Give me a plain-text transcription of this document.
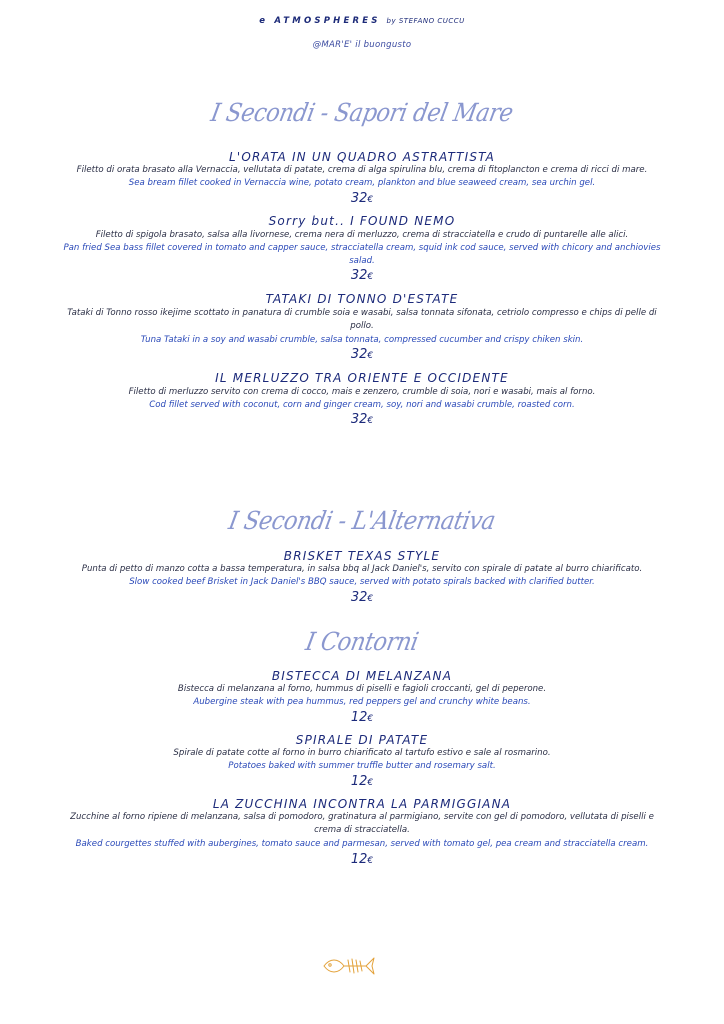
e ATMOSPHERES by STEFANO CUCCU
@MAR'E' il buongusto
I Secondi - Sapori del Mare
L'ORATA IN UN QUADRO ASTRATTISTA
Filetto di orata brasato alla Vernaccia, vellutata di patate, crema di alga spirulina blu, crema di fitoplancton e crema di ricci di mare.
Sea bream fillet cooked in Vernaccia wine, potato cream, plankton and blue seaweed cream, sea urchin gel.
32€
Sorry but.. I FOUND NEMO
Filetto di spigola brasato, salsa alla livornese, crema nera di merluzzo, crema di stracciatella e crudo di puntarelle alle alici.
Pan fried Sea bass fillet covered in tomato and capper sauce, stracciatella cream, squid ink cod sauce, served with chicory and anchiovies salad.
32€
TATAKI DI TONNO D'ESTATE
Tataki di Tonno rosso ikejime scottato in panatura di crumble soia e wasabi, salsa tonnata sifonata, cetriolo compresso e chips di pelle di pollo.
Tuna Tataki in a soy and wasabi crumble, salsa tonnata, compressed cucumber and crispy chiken skin.
32€
IL MERLUZZO TRA ORIENTE E OCCIDENTE
Filetto di merluzzo servito con crema di cocco, mais e zenzero, crumble di soia, nori e wasabi, mais al forno.
Cod fillet served with coconut, corn and ginger cream, soy, nori and wasabi crumble, roasted corn.
32€
I Secondi - L'Alternativa
BRISKET TEXAS STYLE
Punta di petto di manzo cotta a bassa temperatura, in salsa bbq al Jack Daniel's, servito con spirale di patate al burro chiarificato.
Slow cooked beef Brisket in Jack Daniel's BBQ sauce, served with potato spirals backed with clarified butter.
32€
I Contorni
BISTECCA DI MELANZANA
Bistecca di melanzana al forno, hummus di piselli e fagioli croccanti, gel di peperone.
Aubergine steak with pea hummus, red peppers gel and crunchy white beans.
12€
SPIRALE DI PATATE
Spirale di patate cotte al forno in burro chiarificato al tartufo estivo e sale al rosmarino.
Potatoes baked with summer truffle butter and rosemary salt.
12€
LA ZUCCHINA INCONTRA LA PARMIGGIANA
Zucchine al forno ripiene di melanzana, salsa di pomodoro, gratinatura al parmigiano, servite con gel di pomodoro, vellutata di piselli e crema di stracciatella.
Baked courgettes stuffed with aubergines, tomato sauce and parmesan, served with tomato gel, pea cream and stracciatella cream.
12€
